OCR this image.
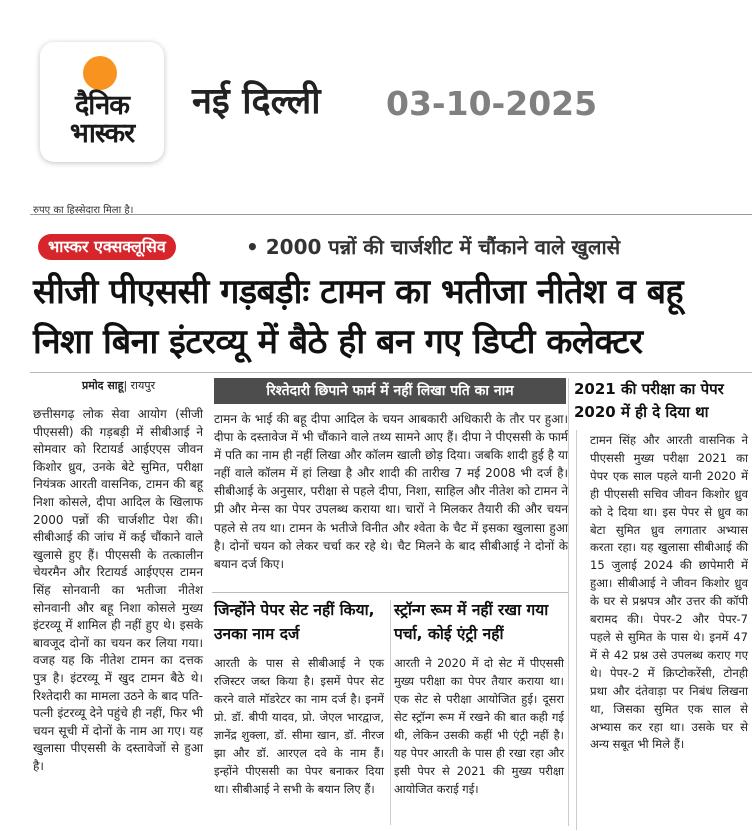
दैनिक
भास्कर
नई दिल्ली 03-10-2025
रुपए का हिस्सेदारा मिला है।
भास्कर एक्सक्लूसिव	• 2000 पन्नों की चार्जशीट में चौंकाने वाले खुलासे
सीजी पीएससी गड़बड़ीः टामन का भतीजा नीतेश व बहू
निशा बिना इंटरव्यू में बैठे ही बन गए डिप्टी कलेक्टर
प्रमोद साहू| रायपुर
छत्तीसगढ़ लोक सेवा आयोग (सीजी पीएससी) की गड़बड़ी में सीबीआई ने सोमवार को रिटायर्ड आईएएस जीवन किशोर ध्रुव, उनके बेटे सुमित, परीक्षा नियंत्रक आरती वासनिक, टामन की बहू निशा कोसले, दीपा आदिल के खिलाफ 2000 पन्नों की चार्जशीट पेश की। सीबीआई की जांच में कई चौंकाने वाले खुलासे हुए हैं। पीएससी के तत्कालीन चेयरमैन और रिटायर्ड आईएएस टामन सिंह सोनवानी का भतीजा नीतेश सोनवानी और बहू निशा कोसले मुख्य इंटरव्यू में शामिल ही नहीं हुए थे। इसके बावजूद दोनों का चयन कर लिया गया। वजह यह कि नीतेश टामन का दत्तक पुत्र है। इंटरव्यू में खुद टामन बैठे थे। रिश्तेदारी का मामला उठने के बाद पति-पत्नी इंटरव्यू देने पहुंचे ही नहीं, फिर भी चयन सूची में दोनों के नाम आ गए। यह खुलासा पीएससी के दस्तावेजों से हुआ है।
रिश्तेदारी छिपाने फार्म में नहीं लिखा पति का नाम
टामन के भाई की बहू दीपा आदिल के चयन आबकारी अधिकारी के तौर पर हुआ। दीपा के दस्तावेज में भी चौंकाने वाले तथ्य सामने आए हैं। दीपा ने पीएससी के फार्म में पति का नाम ही नहीं लिखा और कॉलम खाली छोड़ दिया। जबकि शादी हुई है या नहीं वाले कॉलम में हां लिखा है और शादी की तारीख 7 मई 2008 भी दर्ज है। सीबीआई के अनुसार, परीक्षा से पहले दीपा, निशा, साहिल और नीतेश को टामन ने प्री और मेन्स का पेपर उपलब्ध कराया था। चारों ने मिलकर तैयारी की और चयन पहले से तय था। टामन के भतीजे विनीत और श्वेता के चैट में इसका खुलासा हुआ है। दोनों चयन को लेकर चर्चा कर रहे थे। चैट मिलने के बाद सीबीआई ने दोनों के बयान दर्ज किए।
जिन्होंने पेपर सेट नहीं किया, उनका नाम दर्ज
स्ट्रॉन्ग रूम में नहीं रखा गया पर्चा, कोई एंट्री नहीं
आरती के पास से सीबीआई ने एक रजिस्टर जब्त किया है। इसमें पेपर सेट करने वाले मॉडरेटर का नाम दर्ज है। इनमें प्रो. डॉ. बीपी यादव, प्रो. जेएल भारद्वाज, ज्ञानेंद्र शुक्ला, डॉ. सीमा खान, डॉ. नीरज झा और डॉ. आरएल दवे के नाम हैं। इन्होंने पीएससी का पेपर बनाकर दिया था। सीबीआई ने सभी के बयान लिए हैं।
आरती ने 2020 में दो सेट में पीएससी मुख्य परीक्षा का पेपर तैयार कराया था। एक सेट से परीक्षा आयोजित हुई। दूसरा सेट स्ट्रॉन्ग रूम में रखने की बात कही गई थी, लेकिन उसकी कहीं भी एंट्री नहीं है। यह पेपर आरती के पास ही रखा रहा और इसी पेपर से 2021 की मुख्य परीक्षा आयोजित कराई गई।
2021 की परीक्षा का पेपर 2020 में ही दे दिया था
टामन सिंह और आरती वासनिक ने पीएससी मुख्य परीक्षा 2021 का पेपर एक साल पहले यानी 2020 में ही पीएससी सचिव जीवन किशोर ध्रुव को दे दिया था। इस पेपर से ध्रुव का बेटा सुमित ध्रुव लगातार अभ्यास करता रहा। यह खुलासा सीबीआई की 15 जुलाई 2024 की छापेमारी में हुआ। सीबीआई ने जीवन किशोर ध्रुव के घर से प्रश्नपत्र और उत्तर की कॉपी बरामद की। पेपर-2 और पेपर-7 पहले से सुमित के पास थे। इनमें 47 में से 42 प्रश्न उसे उपलब्ध कराए गए थे। पेपर-2 में क्रिप्टोकरेंसी, टोनही प्रथा और दंतेवाड़ा पर निबंध लिखना था, जिसका सुमित एक साल से अभ्यास कर रहा था। उसके घर से अन्य सबूत भी मिले हैं।
